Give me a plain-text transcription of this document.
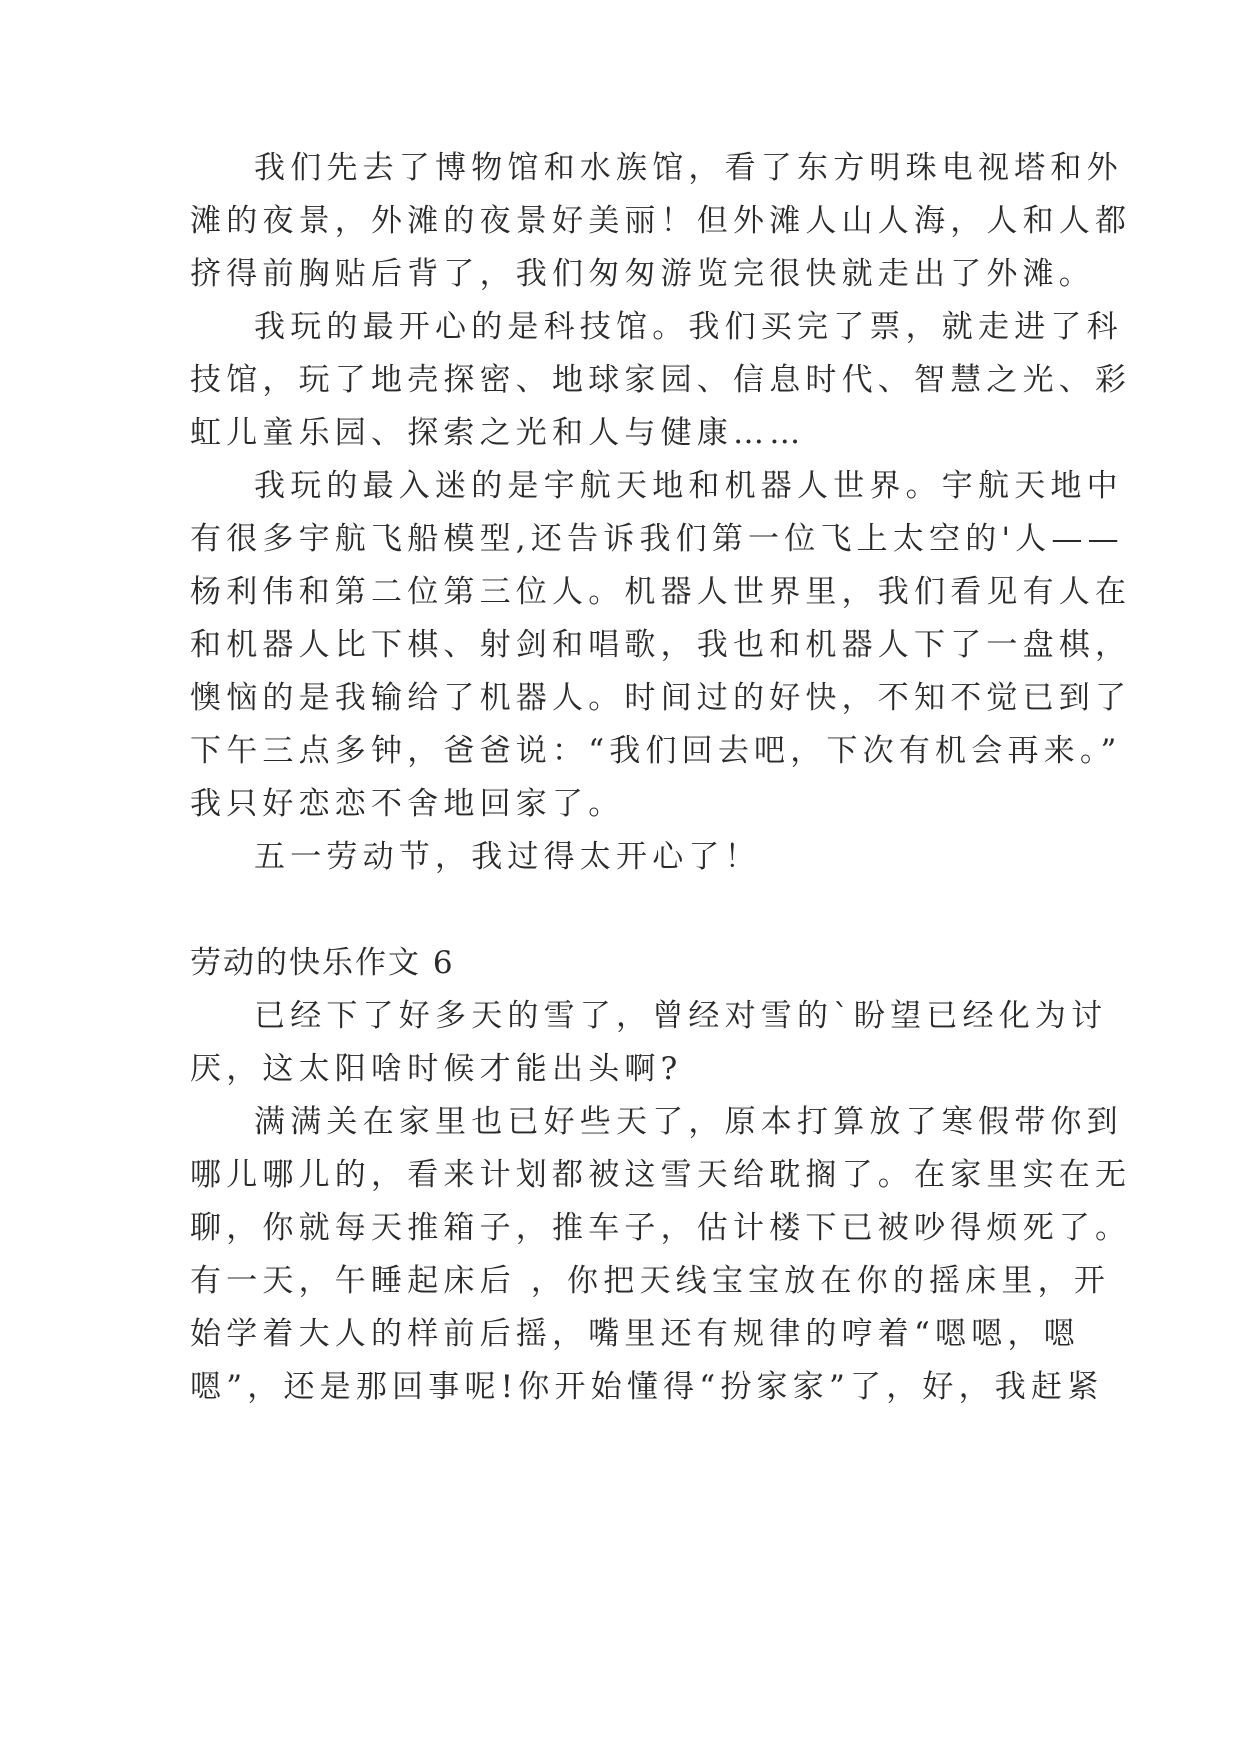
我们先去了博物馆和水族馆，看了东方明珠电视塔和外
滩的夜景，外滩的夜景好美丽！但外滩人山人海，人和人都
挤得前胸贴后背了，我们匆匆游览完很快就走出了外滩。
我玩的最开心的是科技馆。我们买完了票，就走进了科
技馆，玩了地壳探密、地球家园、信息时代、智慧之光、彩
虹儿童乐园、探索之光和人与健康……
我玩的最入迷的是宇航天地和机器人世界。宇航天地中
有很多宇航飞船模型,还告诉我们第一位飞上太空的'人——
杨利伟和第二位第三位人。机器人世界里，我们看见有人在
和机器人比下棋、射剑和唱歌，我也和机器人下了一盘棋，
懊恼的是我输给了机器人。时间过的好快，不知不觉已到了
下午三点多钟，爸爸说：“我们回去吧，下次有机会再来。”
我只好恋恋不舍地回家了。
五一劳动节，我过得太开心了！
劳动的快乐作文 6
已经下了好多天的雪了，曾经对雪的`盼望已经化为讨
厌，这太阳啥时候才能出头啊?
满满关在家里也已好些天了，原本打算放了寒假带你到
哪儿哪儿的，看来计划都被这雪天给耽搁了。在家里实在无
聊，你就每天推箱子，推车子，估计楼下已被吵得烦死了。
有一天，午睡起床后 ，你把天线宝宝放在你的摇床里，开
始学着大人的样前后摇，嘴里还有规律的哼着“嗯嗯，嗯
嗯”，还是那回事呢!你开始懂得“扮家家”了，好，我赶紧
